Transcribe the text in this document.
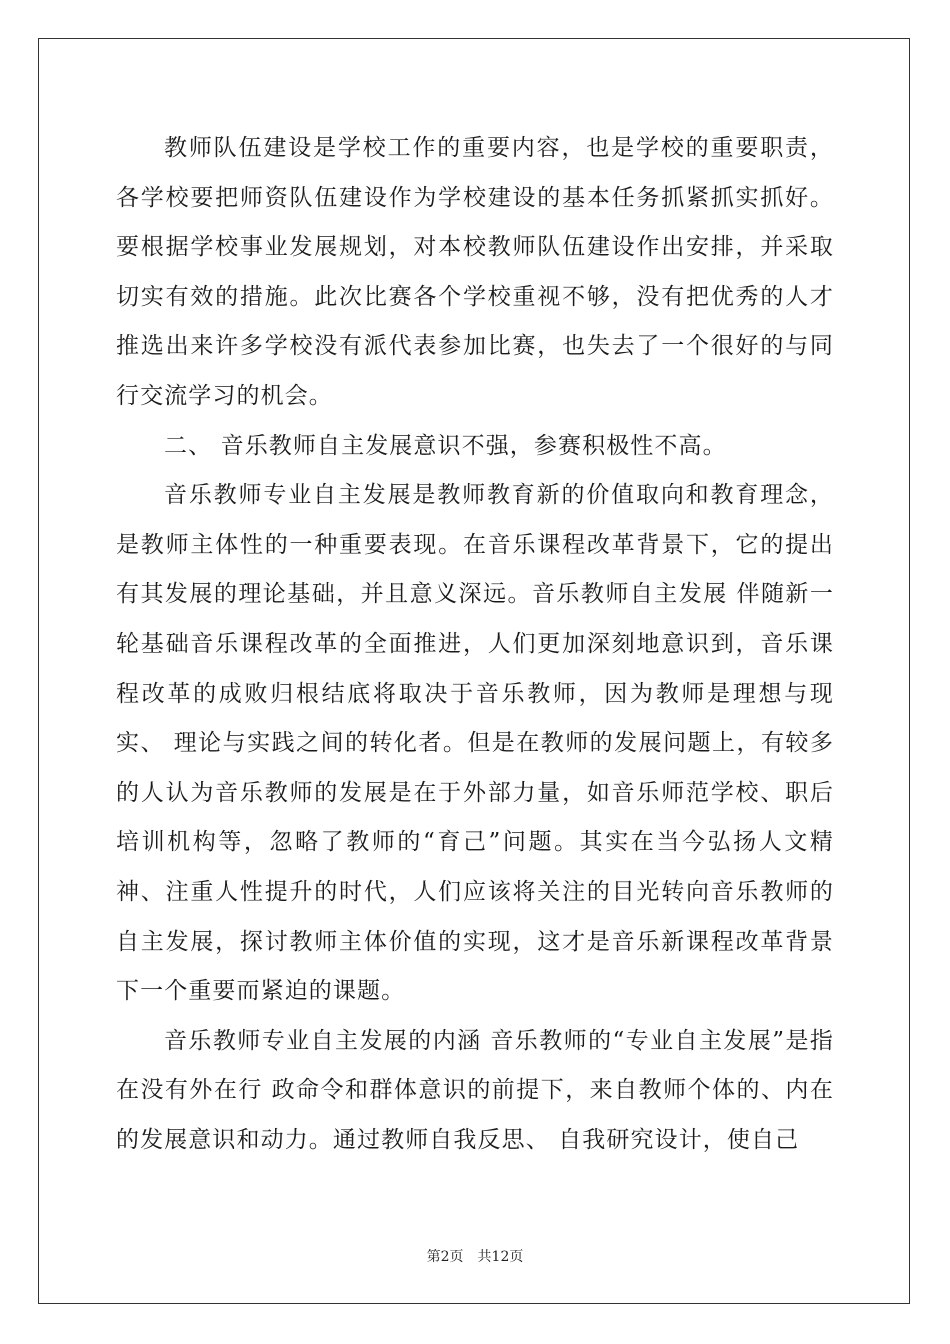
教师队伍建设是学校工作的重要内容，也是学校的重要职责，各学校要把师资队伍建设作为学校建设的基本任务抓紧抓实抓好。要根据学校事业发展规划，对本校教师队伍建设作出安排，并采取切实有效的措施。此次比赛各个学校重视不够，没有把优秀的人才推选出来许多学校没有派代表参加比赛，也失去了一个很好的与同行交流学习的机会。

二、 音乐教师自主发展意识不强，参赛积极性不高。

音乐教师专业自主发展是教师教育新的价值取向和教育理念，是教师主体性的一种重要表现。在音乐课程改革背景下，它的提出有其发展的理论基础，并且意义深远。音乐教师自主发展 伴随新一轮基础音乐课程改革的全面推进，人们更加深刻地意识到，音乐课程改革的成败归根结底将取决于音乐教师，因为教师是理想与现实、 理论与实践之间的转化者。但是在教师的发展问题上，有较多的人认为音乐教师的发展是在于外部力量，如音乐师范学校、职后培训机构等，忽略了教师的“育己”问题。其实在当今弘扬人文精神、注重人性提升的时代，人们应该将关注的目光转向音乐教师的自主发展，探讨教师主体价值的实现，这才是音乐新课程改革背景下一个重要而紧迫的课题。

音乐教师专业自主发展的内涵 音乐教师的“专业自主发展”是指在没有外在行 政命令和群体意识的前提下，来自教师个体的、内在的发展意识和动力。通过教师自我反思、 自我研究设计，使自己

第2页　共12页
